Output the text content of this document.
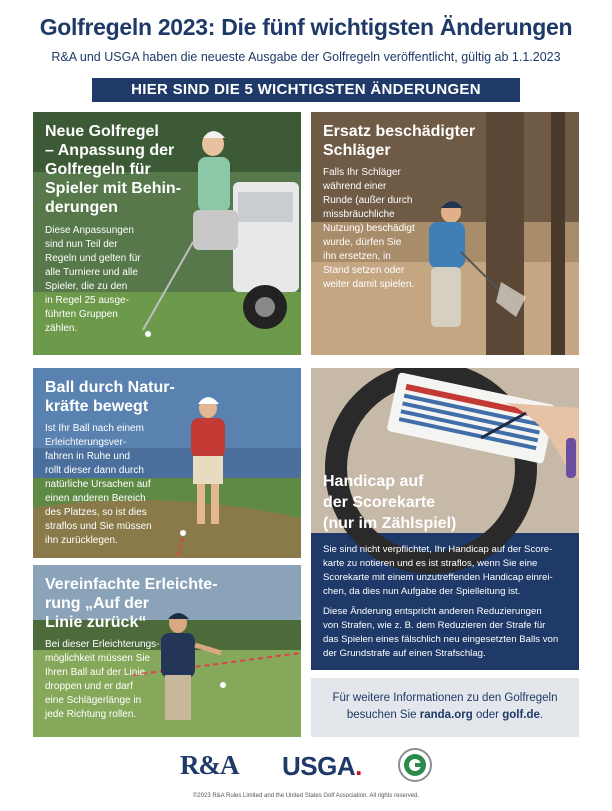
Golfregeln 2023: Die fünf wichtigsten Änderungen
R&A und USGA haben die neueste Ausgabe der Golfregeln veröffentlicht, gültig ab 1.1.2023
HIER SIND DIE 5 WICHTIGSTEN ÄNDERUNGEN
Neue Golfregel
– Anpassung der
Golfregeln für
Spieler mit Behin-
derungen
Diese Anpassungen
sind nun Teil der
Regeln und gelten für
alle Turniere und alle
Spieler, die zu den
in Regel 25 ausge-
führten Gruppen
zählen.
Ersatz beschädigter
Schläger
Falls Ihr Schläger
während einer
Runde (außer durch
missbräuchliche
Nutzung) beschädigt
wurde, dürfen Sie
ihn ersetzen, in
Stand setzen oder
weiter damit spielen.
Ball durch Natur-
kräfte bewegt
Ist Ihr Ball nach einem
Erleichterungsver-
fahren in Ruhe und
rollt dieser dann durch
natürliche Ursachen auf
einen anderen Bereich
des Platzes, so ist dies
straflos und Sie müssen
ihn zurücklegen.
Vereinfachte Erleichte-
rung „Auf der
Linie zurück“
Bei dieser Erleichterungs-
möglichkeit müssen Sie
Ihren Ball auf der Linie
droppen und er darf
eine Schlägerlänge in
jede Richtung rollen.
Handicap auf
der Scorekarte
(nur im Zählspiel)
Sie sind nicht verpflichtet, Ihr Handicap auf der Score-
karte zu notieren und es ist straflos, wenn Sie eine
Scorekarte mit einem unzutreffenden Handicap einrei-
chen, da dies nun Aufgabe der Spielleitung ist.
Diese Änderung entspricht anderen Reduzierungen
von Strafen, wie z. B. dem Reduzieren der Strafe für
das Spielen eines fälschlich neu eingesetzten Balls von
der Grundstrafe auf einen Strafschlag.
Für weitere Informationen zu den Golfregeln
besuchen Sie randa.org oder golf.de.
R&A USGA.
©2023 R&A Rules Limited and the United States Golf Association. All rights reserved.
